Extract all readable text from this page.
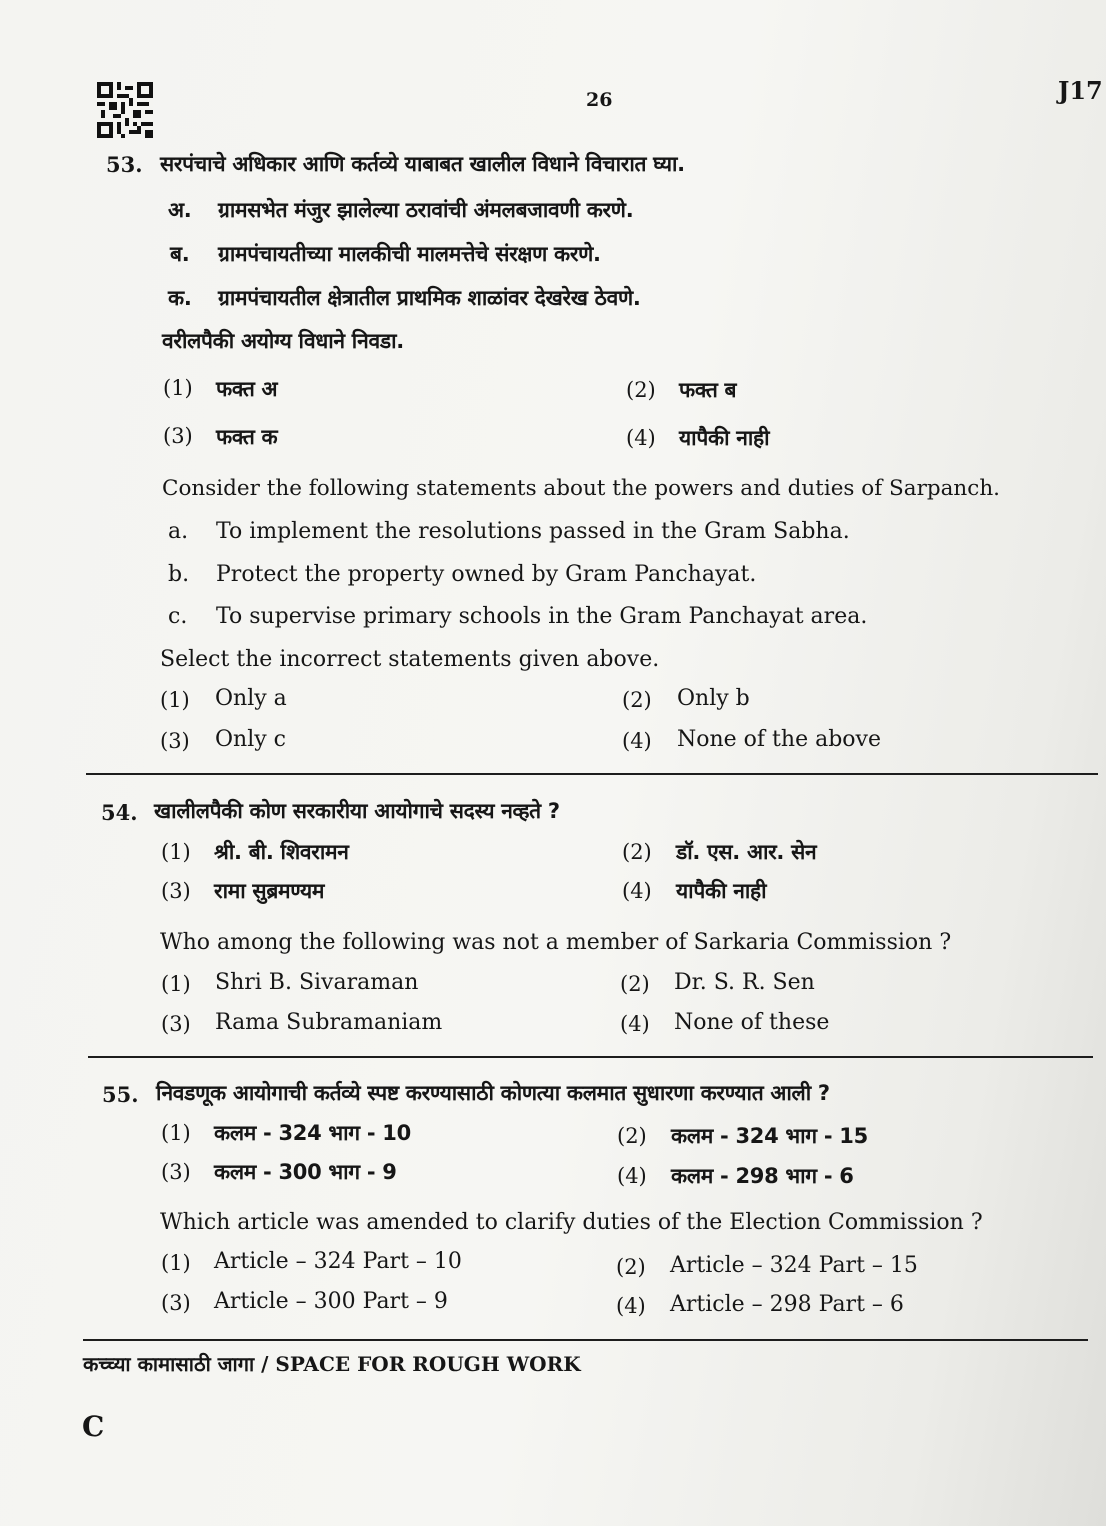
26	J17
53. सरपंचाचे अधिकार आणि कर्तव्ये याबाबत खालील विधाने विचारात घ्या.
अ. ग्रामसभेत मंजुर झालेल्या ठरावांची अंमलबजावणी करणे.
ब. ग्रामपंचायतीच्या मालकीची मालमत्तेचे संरक्षण करणे.
क. ग्रामपंचायतील क्षेत्रातील प्राथमिक शाळांवर देखरेख ठेवणे.
वरीलपैकी अयोग्य विधाने निवडा.
(1) फक्त अ	(2) फक्त ब
(3) फक्त क	(4) यापैकी नाही
Consider the following statements about the powers and duties of Sarpanch.
a. To implement the resolutions passed in the Gram Sabha.
b. Protect the property owned by Gram Panchayat.
c. To supervise primary schools in the Gram Panchayat area.
Select the incorrect statements given above.
(1) Only a	(2) Only b
(3) Only c	(4) None of the above
54. खालीलपैकी कोण सरकारीया आयोगाचे सदस्य नव्हते ?
(1) श्री. बी. शिवरामन	(2) डॉ. एस. आर. सेन
(3) रामा सुब्रमण्यम	(4) यापैकी नाही
Who among the following was not a member of Sarkaria Commission ?
(1) Shri B. Sivaraman	(2) Dr. S. R. Sen
(3) Rama Subramaniam	(4) None of these
55. निवडणूक आयोगाची कर्तव्ये स्पष्ट करण्यासाठी कोणत्या कलमात सुधारणा करण्यात आली ?
(1) कलम - 324 भाग - 10	(2) कलम - 324 भाग - 15
(3) कलम - 300 भाग - 9	(4) कलम - 298 भाग - 6
Which article was amended to clarify duties of the Election Commission ?
(1) Article – 324 Part – 10	(2) Article – 324 Part – 15
(3) Article – 300 Part – 9	(4) Article – 298 Part – 6
कच्च्या कामासाठी जागा / SPACE FOR ROUGH WORK
C
